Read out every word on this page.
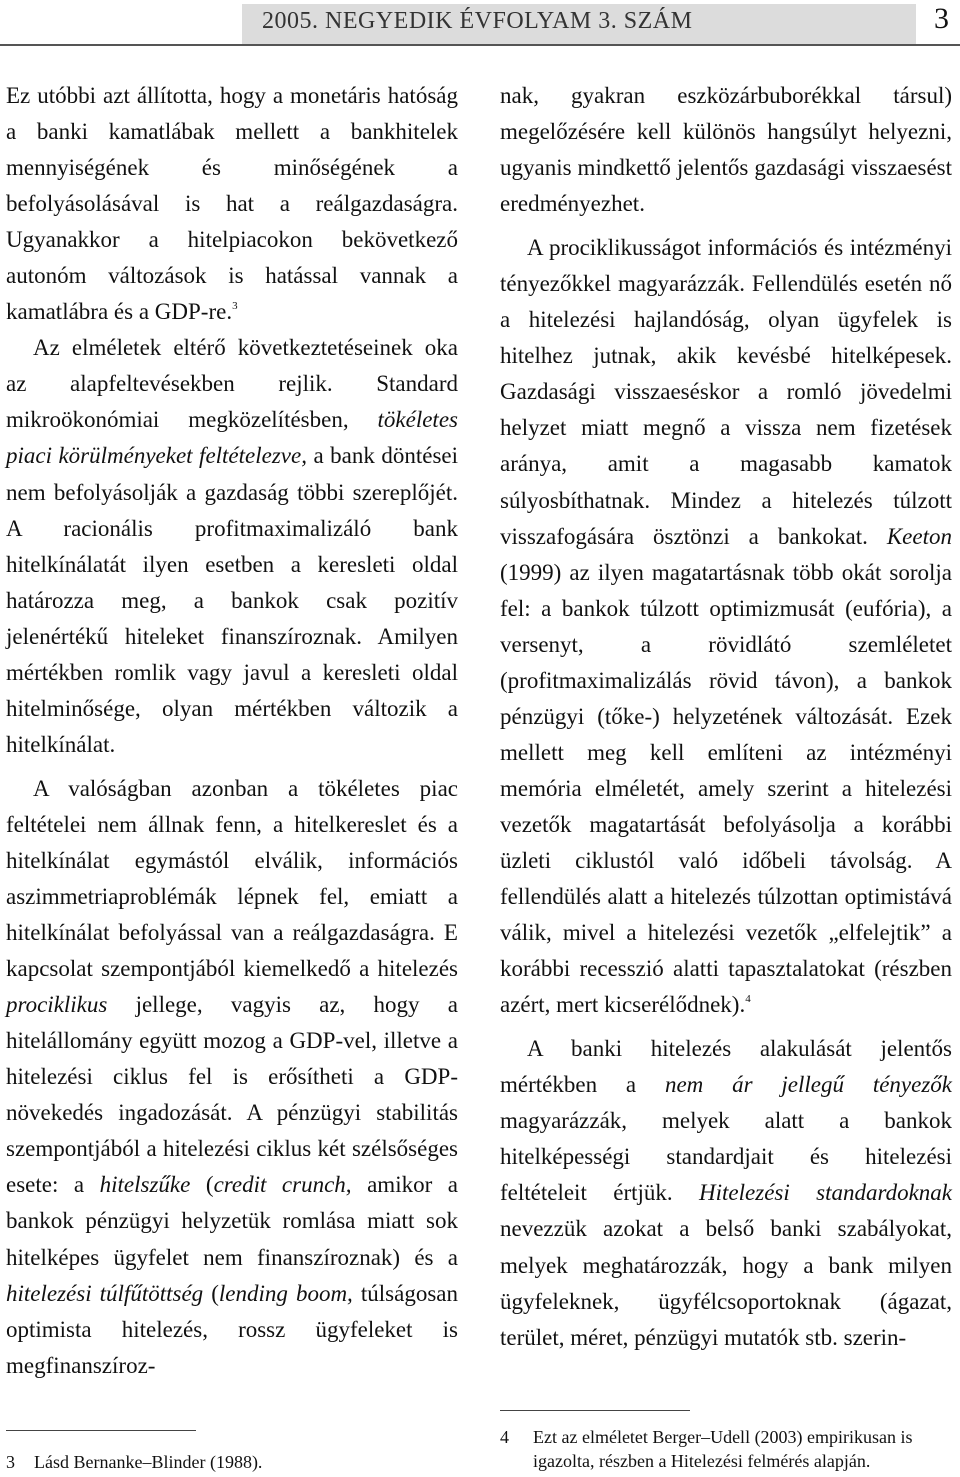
2005. NEGYEDIK ÉVFOLYAM 3. SZÁM	3

Ez utóbbi azt állította, hogy a monetáris hatóság a banki kamatlábak mellett a bankhitelek mennyiségének és minőségének a befolyásolásával is hat a reálgazdaságra. Ugyanakkor a hitelpiacokon bekövetkező autonóm változások is hatással vannak a kamatlábra és a GDP-re.$^3$

Az elméletek eltérő következtetéseinek oka az alapfeltevésekben rejlik. Standard mikroökonómiai megközelítésben, tökéletes piaci körülményeket feltételezve, a bank döntései nem befolyásolják a gazdaság többi szereplőjét. A racionális profitmaximalizáló bank hitelkínálatát ilyen esetben a keresleti oldal határozza meg, a bankok csak pozitív jelenértékű hiteleket finanszíroznak. Amilyen mértékben romlik vagy javul a keresleti oldal hitelminősége, olyan mértékben változik a hitelkínálat.

A valóságban azonban a tökéletes piac feltételei nem állnak fenn, a hitelkereslet és a hitelkínálat egymástól elválik, információs aszimmetriaproblémák lépnek fel, emiatt a hitelkínálat befolyással van a reálgazdaságra. E kapcsolat szempontjából kiemelkedő a hitelezés prociklikus jellege, vagyis az, hogy a hitelállomány együtt mozog a GDP-vel, illetve a hitelezési ciklus fel is erősítheti a GDP-növekedés ingadozását. A pénzügyi stabilitás szempontjából a hitelezési ciklus két szélsőséges esete: a hitelszűke (credit crunch, amikor a bankok pénzügyi helyzetük romlása miatt sok hitelképes ügyfelet nem finanszíroznak) és a hitelezési túlfűtöttség (lending boom, túlságosan optimista hitelezés, rossz ügyfeleket is megfinanszíroz-

nak, gyakran eszközárbuborékkal társul) megelőzésére kell különös hangsúlyt helyezni, ugyanis mindkettő jelentős gazdasági visszaesést eredményezhet.

A prociklikusságot információs és intézményi tényezőkkel magyarázzák. Fellendülés esetén nő a hitelezési hajlandóság, olyan ügyfelek is hitelhez jutnak, akik kevésbé hitelképesek. Gazdasági visszaeséskor a romló jövedelmi helyzet miatt megnő a vissza nem fizetések aránya, amit a magasabb kamatok súlyosbíthatnak. Mindez a hitelezés túlzott visszafogására ösztönzi a bankokat. Keeton (1999) az ilyen magatartásnak több okát sorolja fel: a bankok túlzott optimizmusát (eufória), a versenyt, a rövidlátó szemléletet (profitmaximalizálás rövid távon), a bankok pénzügyi (tőke-) helyzetének változását. Ezek mellett meg kell említeni az intézményi memória elméletét, amely szerint a hitelezési vezetők magatartását befolyásolja a korábbi üzleti ciklustól való időbeli távolság. A fellendülés alatt a hitelezés túlzottan optimistává válik, mivel a hitelezési vezetők „elfelejtik” a korábbi recesszió alatti tapasztalatokat (részben azért, mert kicserélődnek).$^4$

A banki hitelezés alakulását jelentős mértékben a nem ár jellegű tényezők magyarázzák, melyek alatt a bankok hitelképességi standardjait és hitelezési feltételeit értjük. Hitelezési standardoknak nevezzük azokat a belső banki szabályokat, melyek meghatározzák, hogy a bank milyen ügyfeleknek, ügyfélcsoportoknak (ágazat, terület, méret, pénzügyi mutatók stb. szerin-

3 Lásd Bernanke–Blinder (1988).
4 Ezt az elméletet Berger–Udell (2003) empirikusan is igazolta, részben a Hitelezési felmérés alapján.
